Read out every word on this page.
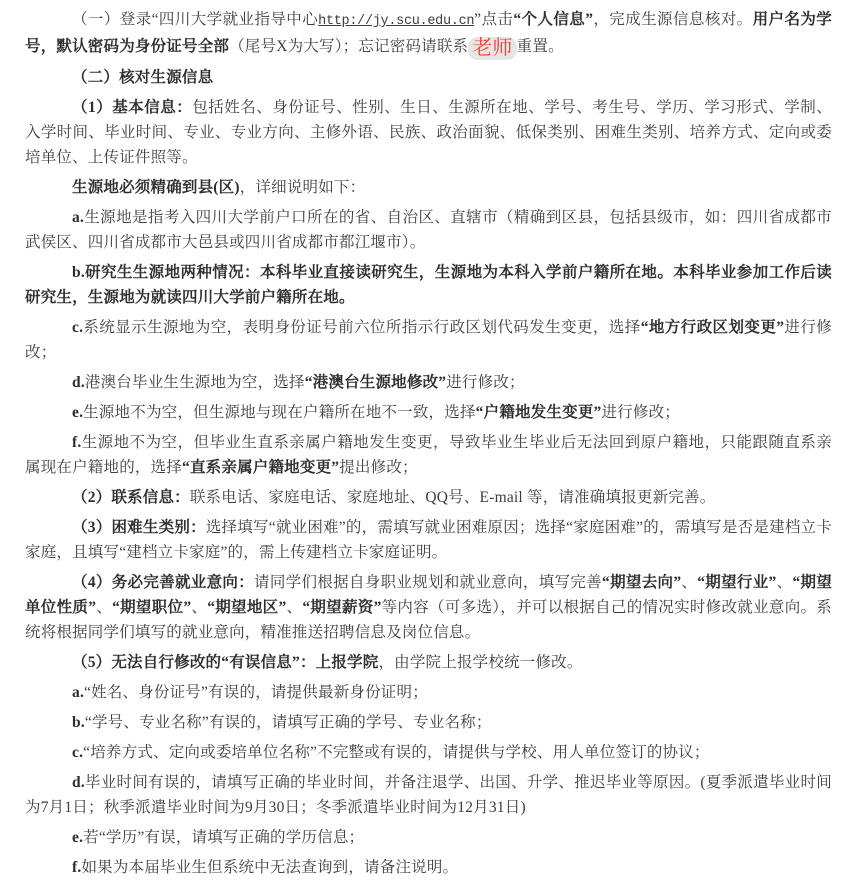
（一）登录“四川大学就业指导中心http://jy.scu.edu.cn”点击“个人信息”，完成生源信息核对。用户名为学号，默认密码为身份证号全部（尾号X为大写）；忘记密码请联系 老师 重置。

（二）核对生源信息

（1）基本信息：包括姓名、身份证号、性别、生日、生源所在地、学号、考生号、学历、学习形式、学制、入学时间、毕业时间、专业、专业方向、主修外语、民族、政治面貌、低保类别、困难生类别、培养方式、定向或委培单位、上传证件照等。

生源地必须精确到县(区)，详细说明如下：

a.生源地是指考入四川大学前户口所在的省、自治区、直辖市（精确到区县，包括县级市，如：四川省成都市武侯区、四川省成都市大邑县或四川省成都市都江堰市）。

b.研究生生源地两种情况：本科毕业直接读研究生，生源地为本科入学前户籍所在地。本科毕业参加工作后读研究生，生源地为就读四川大学前户籍所在地。

c.系统显示生源地为空，表明身份证号前六位所指示行政区划代码发生变更，选择“地方行政区划变更”进行修改；

d.港澳台毕业生生源地为空，选择“港澳台生源地修改”进行修改；

e.生源地不为空，但生源地与现在户籍所在地不一致，选择“户籍地发生变更”进行修改；

f.生源地不为空，但毕业生直系亲属户籍地发生变更，导致毕业生毕业后无法回到原户籍地，只能跟随直系亲属现在户籍地的，选择“直系亲属户籍地变更”提出修改；

（2）联系信息：联系电话、家庭电话、家庭地址、QQ号、E-mail 等，请准确填报更新完善。

（3）困难生类别：选择填写“就业困难”的，需填写就业困难原因；选择“家庭困难”的，需填写是否是建档立卡家庭，且填写“建档立卡家庭”的，需上传建档立卡家庭证明。

（4）务必完善就业意向：请同学们根据自身职业规划和就业意向，填写完善“期望去向”、“期望行业”、“期望单位性质”、“期望职位”、“期望地区”、“期望薪资”等内容（可多选），并可以根据自己的情况实时修改就业意向。系统将根据同学们填写的就业意向，精准推送招聘信息及岗位信息。

（5）无法自行修改的“有误信息”：上报学院，由学院上报学校统一修改。

a.“姓名、身份证号”有误的，请提供最新身份证明；

b.“学号、专业名称”有误的，请填写正确的学号、专业名称；

c.“培养方式、定向或委培单位名称”不完整或有误的，请提供与学校、用人单位签订的协议；

d.毕业时间有误的，请填写正确的毕业时间，并备注退学、出国、升学、推迟毕业等原因。(夏季派遣毕业时间为7月1日；秋季派遣毕业时间为9月30日；冬季派遣毕业时间为12月31日)

e.若“学历”有误，请填写正确的学历信息；

f.如果为本届毕业生但系统中无法查询到，请备注说明。
